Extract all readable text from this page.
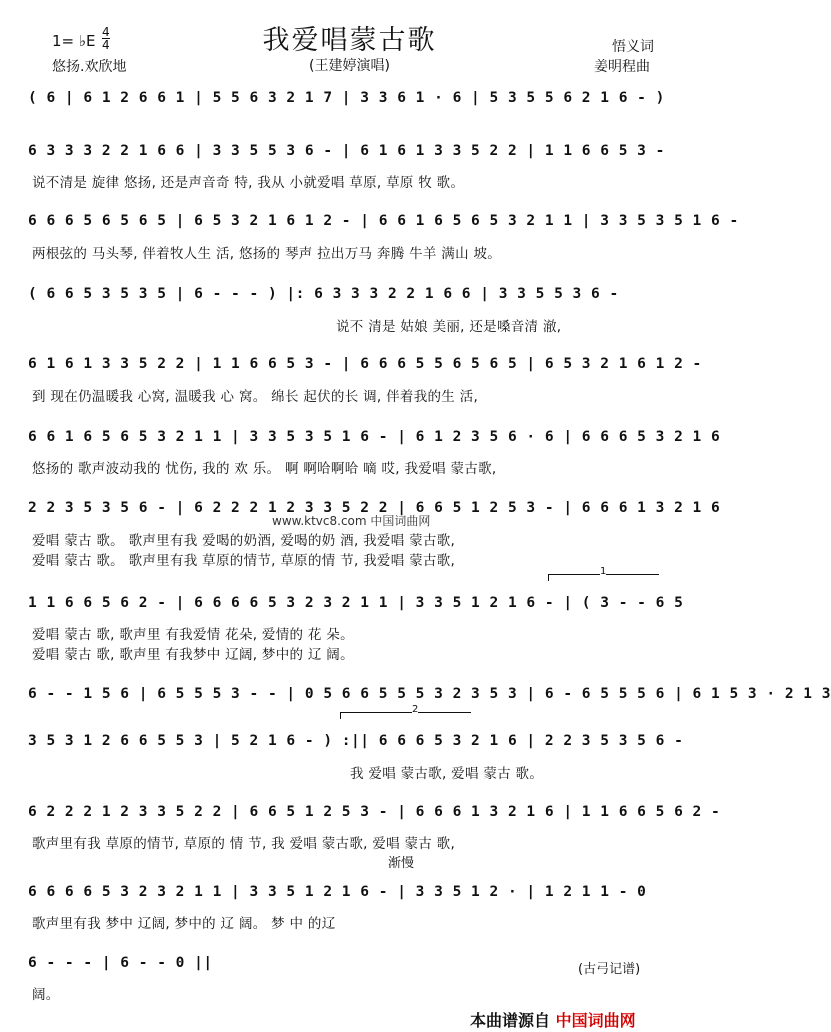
我爱唱蒙古歌
(王建婷演唱)
1= ♭E 4
4
悠扬.欢欣地
悟义词
姜明程曲
( 6 | 6 1 2 6 6 1 | 5 5 6 3 2 1 7 | 3 3 6 1 · 6 | 5 3 5 5 6 2 1 6 - )
6 3 3 3 2 2 1 6 6 | 3 3 5 5 3 6 - | 6 1 6 1 3 3 5 2 2 | 1 1 6 6 5 3 -
说不清是 旋律 悠扬, 还是声音奇 特, 我从 小就爱唱 草原, 草原 牧 歌。
6 6 6 5 6 5 6 5 | 6 5 3 2 1 6 1 2 - | 6 6 1 6 5 6 5 3 2 1 1 | 3 3 5 3 5 1 6 -
两根弦的 马头琴, 伴着牧人生 活, 悠扬的 琴声 拉出万马 奔腾 牛羊 满山 坡。
( 6 6 5 3 5 3 5 | 6 - - - ) |: 6 3 3 3 2 2 1 6 6 | 3 3 5 5 3 6 -
说不 清是 姑娘 美丽, 还是嗓音清 澈,
6 1 6 1 3 3 5 2 2 | 1 1 6 6 5 3 - | 6 6 6 5 5 6 5 6 5 | 6 5 3 2 1 6 1 2 -
到 现在仍温暖我 心窝, 温暖我 心 窝。 绵长 起伏的长 调, 伴着我的生 活,
6 6 1 6 5 6 5 3 2 1 1 | 3 3 5 3 5 1 6 - | 6 1 2 3 5 6 · 6 | 6 6 6 5 3 2 1 6
悠扬的 歌声波动我的 忧伤, 我的 欢 乐。 啊 啊哈啊哈 嘀 哎, 我爱唱 蒙古歌,
2 2 3 5 3 5 6 - | 6 2 2 2 1 2 3 3 5 2 2 | 6 6 5 1 2 5 3 - | 6 6 6 1 3 2 1 6
www.ktvc8.com 中国词曲网
爱唱 蒙古 歌。 歌声里有我 爱喝的奶酒, 爱喝的奶 酒, 我爱唱 蒙古歌,
爱唱 蒙古 歌。 歌声里有我 草原的情节, 草原的情 节, 我爱唱 蒙古歌,
1
1 1 6 6 5 6 2 - | 6 6 6 6 5 3 2 3 2 1 1 | 3 3 5 1 2 1 6 - | ( 3 - - 6 5
爱唱 蒙古 歌, 歌声里 有我爱情 花朵, 爱情的 花 朵。
爱唱 蒙古 歌, 歌声里 有我梦中 辽阔, 梦中的 辽 阔。
6 - - 1 5 6 | 6 5 5 5 3 - - | 0 5 6 6 5 5 5 3 2 3 5 3 | 6 - 6 5 5 5 6 | 6 1 5 3 · 2 1 3
2
3 5 3 1 2 6 6 5 5 3 | 5 2 1 6 - ) :|| 6 6 6 5 3 2 1 6 | 2 2 3 5 3 5 6 -
我 爱唱 蒙古歌, 爱唱 蒙古 歌。
6 2 2 2 1 2 3 3 5 2 2 | 6 6 5 1 2 5 3 - | 6 6 6 1 3 2 1 6 | 1 1 6 6 5 6 2 -
歌声里有我 草原的情节, 草原的 情 节, 我 爱唱 蒙古歌, 爱唱 蒙古 歌,
渐慢
6 6 6 6 5 3 2 3 2 1 1 | 3 3 5 1 2 1 6 - | 3 3 5 1 2 · | 1 2 1 1 - 0
歌声里有我 梦中 辽阔, 梦中的 辽 阔。 梦 中 的辽
6 - - - | 6 - - 0 ||
阔。
(古弓记谱)
本曲谱源自 中国词曲网
